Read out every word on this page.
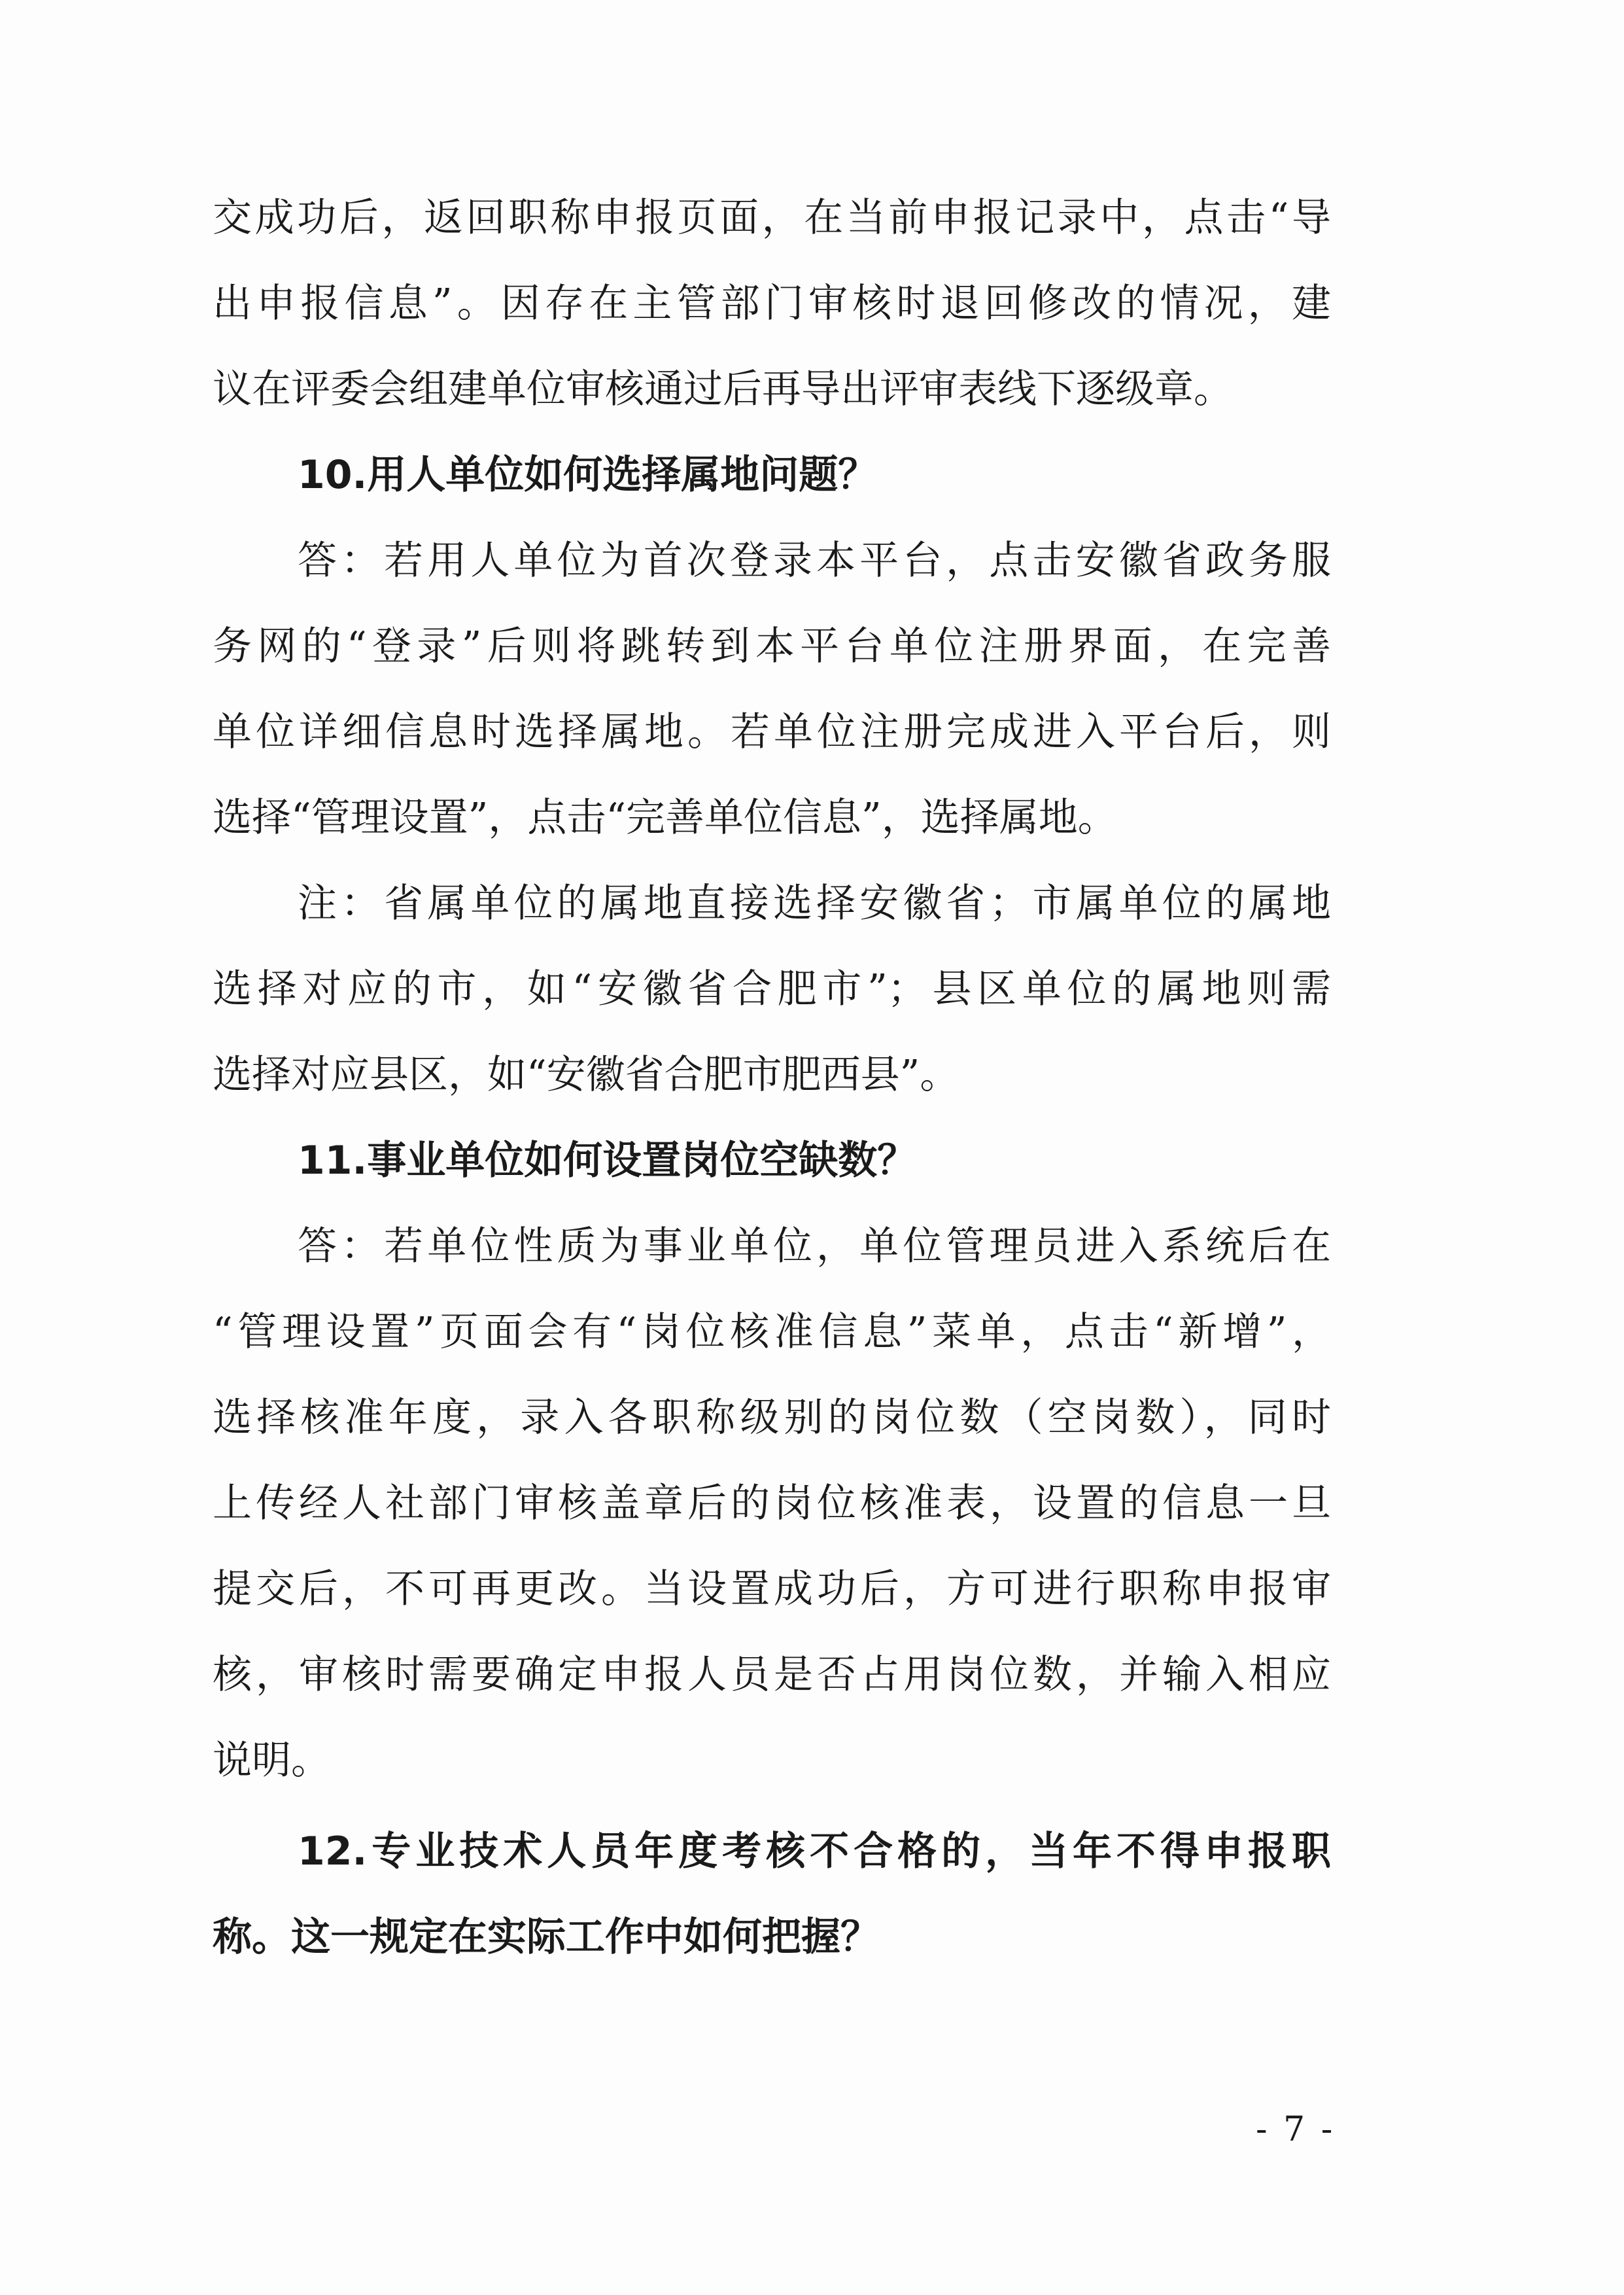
交成功后，返回职称申报页面，在当前申报记录中，点击“导
出申报信息”。因存在主管部门审核时退回修改的情况，建
议在评委会组建单位审核通过后再导出评审表线下逐级章。
10.用人单位如何选择属地问题？
答：若用人单位为首次登录本平台，点击安徽省政务服
务网的“登录”后则将跳转到本平台单位注册界面，在完善
单位详细信息时选择属地。若单位注册完成进入平台后，则
选择“管理设置”，点击“完善单位信息”，选择属地。
注：省属单位的属地直接选择安徽省；市属单位的属地
选择对应的市，如“安徽省合肥市”；县区单位的属地则需
选择对应县区，如“安徽省合肥市肥西县”。
11.事业单位如何设置岗位空缺数？
答：若单位性质为事业单位，单位管理员进入系统后在
“管理设置”页面会有“岗位核准信息”菜单，点击“新增”，
选择核准年度，录入各职称级别的岗位数（空岗数），同时
上传经人社部门审核盖章后的岗位核准表，设置的信息一旦
提交后，不可再更改。当设置成功后，方可进行职称申报审
核，审核时需要确定申报人员是否占用岗位数，并输入相应
说明。
12.专业技术人员年度考核不合格的，当年不得申报职
称。这一规定在实际工作中如何把握？
- 7 -
